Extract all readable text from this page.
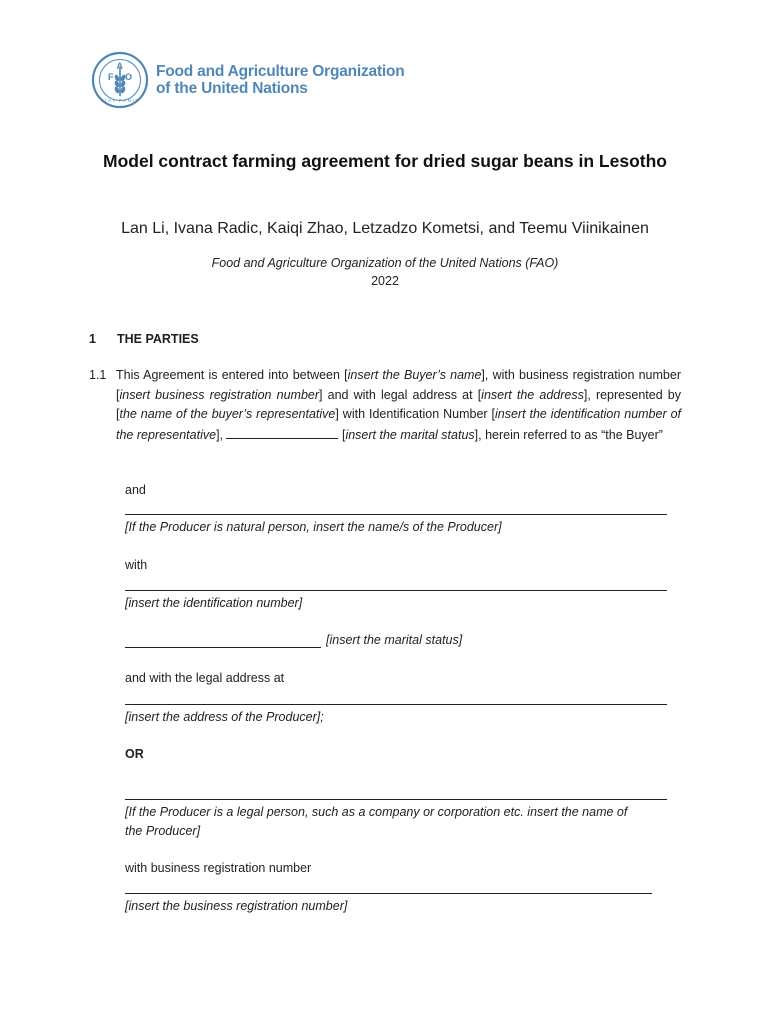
F
A
O
FIAT PANIS
Food and Agriculture Organization
of the United Nations
Model contract farming agreement for dried sugar beans in Lesotho
Lan Li, Ivana Radic, Kaiqi Zhao, Letzadzo Kometsi, and Teemu Viinikainen
Food and Agriculture Organization of the United Nations (FAO)
2022
1 THE PARTIES
1.1 This Agreement is entered into between [insert the Buyer’s name], with business registration number [insert business registration number] and with legal address at [insert the address], represented by [the name of the buyer’s representative] with Identification Number [insert the identification number of the representative],	[insert the marital status], herein referred to as “the Buyer”
and
[If the Producer is natural person, insert the name/s of the Producer]
with
[insert the identification number]
[insert the marital status]
and with the legal address at
[insert the address of the Producer];
OR
[If the Producer is a legal person, such as a company or corporation etc. insert the name of
the Producer]
with business registration number
[insert the business registration number]
